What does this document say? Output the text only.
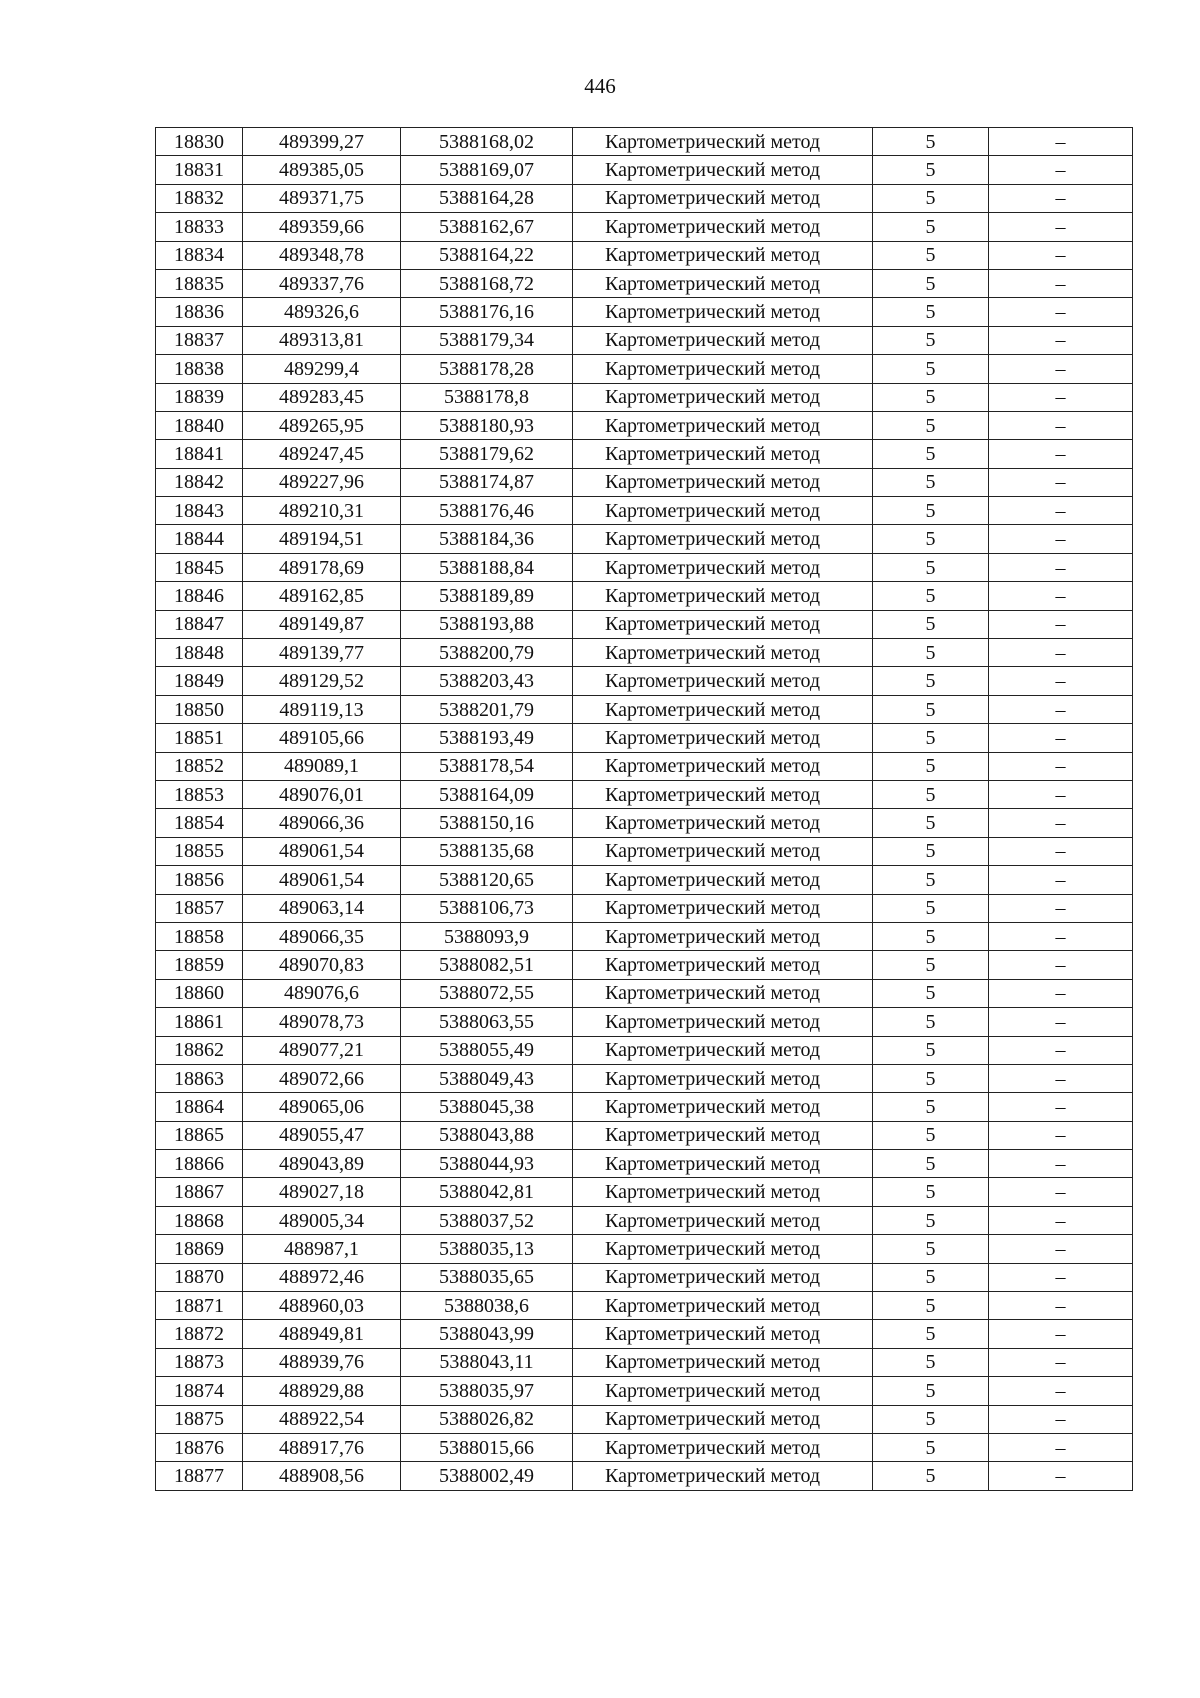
446
18830	489399,27	5388168,02	Картометрический метод	5	–
18831	489385,05	5388169,07	Картометрический метод	5	–
18832	489371,75	5388164,28	Картометрический метод	5	–
18833	489359,66	5388162,67	Картометрический метод	5	–
18834	489348,78	5388164,22	Картометрический метод	5	–
18835	489337,76	5388168,72	Картометрический метод	5	–
18836	489326,6	5388176,16	Картометрический метод	5	–
18837	489313,81	5388179,34	Картометрический метод	5	–
18838	489299,4	5388178,28	Картометрический метод	5	–
18839	489283,45	5388178,8	Картометрический метод	5	–
18840	489265,95	5388180,93	Картометрический метод	5	–
18841	489247,45	5388179,62	Картометрический метод	5	–
18842	489227,96	5388174,87	Картометрический метод	5	–
18843	489210,31	5388176,46	Картометрический метод	5	–
18844	489194,51	5388184,36	Картометрический метод	5	–
18845	489178,69	5388188,84	Картометрический метод	5	–
18846	489162,85	5388189,89	Картометрический метод	5	–
18847	489149,87	5388193,88	Картометрический метод	5	–
18848	489139,77	5388200,79	Картометрический метод	5	–
18849	489129,52	5388203,43	Картометрический метод	5	–
18850	489119,13	5388201,79	Картометрический метод	5	–
18851	489105,66	5388193,49	Картометрический метод	5	–
18852	489089,1	5388178,54	Картометрический метод	5	–
18853	489076,01	5388164,09	Картометрический метод	5	–
18854	489066,36	5388150,16	Картометрический метод	5	–
18855	489061,54	5388135,68	Картометрический метод	5	–
18856	489061,54	5388120,65	Картометрический метод	5	–
18857	489063,14	5388106,73	Картометрический метод	5	–
18858	489066,35	5388093,9	Картометрический метод	5	–
18859	489070,83	5388082,51	Картометрический метод	5	–
18860	489076,6	5388072,55	Картометрический метод	5	–
18861	489078,73	5388063,55	Картометрический метод	5	–
18862	489077,21	5388055,49	Картометрический метод	5	–
18863	489072,66	5388049,43	Картометрический метод	5	–
18864	489065,06	5388045,38	Картометрический метод	5	–
18865	489055,47	5388043,88	Картометрический метод	5	–
18866	489043,89	5388044,93	Картометрический метод	5	–
18867	489027,18	5388042,81	Картометрический метод	5	–
18868	489005,34	5388037,52	Картометрический метод	5	–
18869	488987,1	5388035,13	Картометрический метод	5	–
18870	488972,46	5388035,65	Картометрический метод	5	–
18871	488960,03	5388038,6	Картометрический метод	5	–
18872	488949,81	5388043,99	Картометрический метод	5	–
18873	488939,76	5388043,11	Картометрический метод	5	–
18874	488929,88	5388035,97	Картометрический метод	5	–
18875	488922,54	5388026,82	Картометрический метод	5	–
18876	488917,76	5388015,66	Картометрический метод	5	–
18877	488908,56	5388002,49	Картометрический метод	5	–
